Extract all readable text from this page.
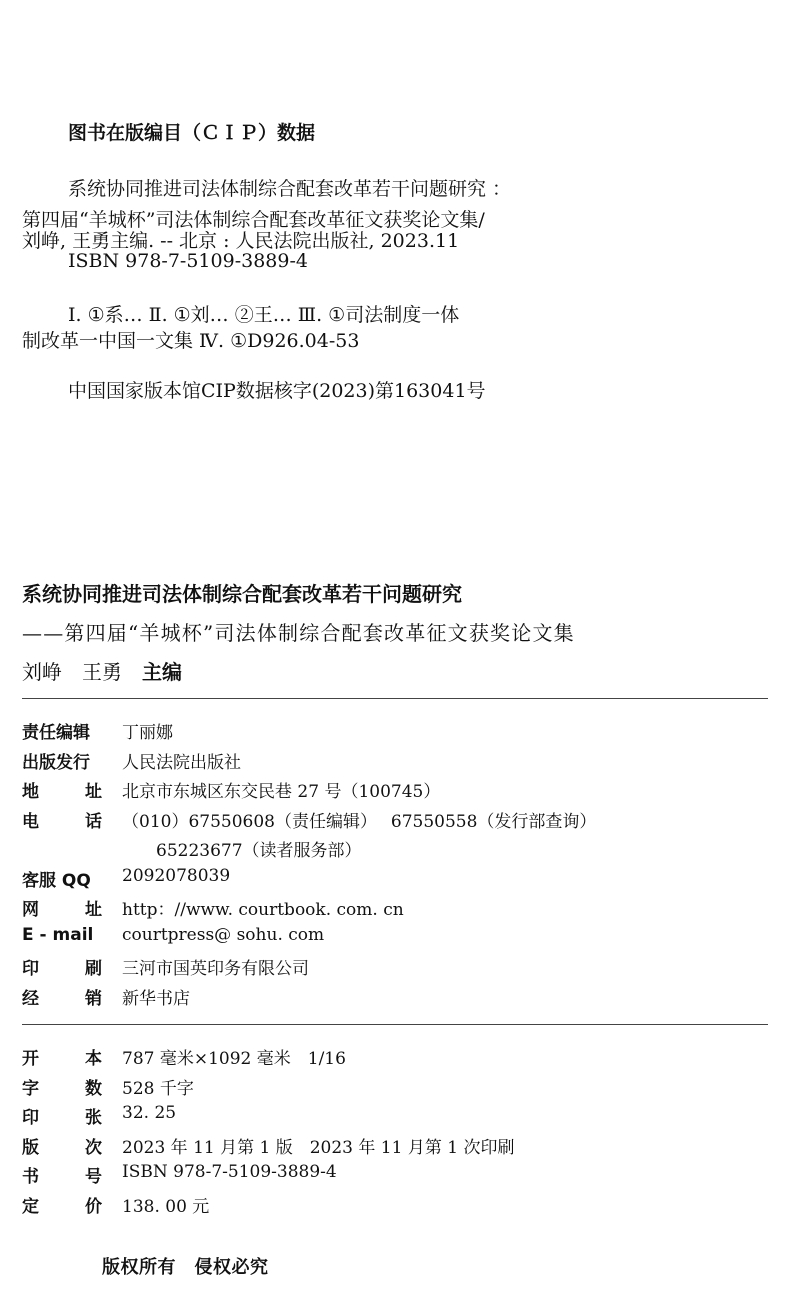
图书在版编目（ＣＩＰ）数据
系统协同推进司法体制综合配套改革若干问题研究 ：
第四届“羊城杯”司法体制综合配套改革征文获奖论文集/
刘峥, 王勇主编. -- 北京 : 人民法院出版社, 2023.11
ISBN 978-7-5109-3889-4
Ⅰ. ①系… Ⅱ. ①刘… ②王… Ⅲ. ①司法制度一体
制改革一中国一文集 Ⅳ. ①D926.04-53
中国国家版本馆CIP数据核字(2023)第163041号
系统协同推进司法体制综合配套改革若干问题研究
——第四届“羊城杯”司法体制综合配套改革征文获奖论文集
刘峥　王勇　 主编
责任编辑	丁丽娜
出版发行	人民法院出版社
地	址 北京市东城区东交民巷 27 号（100745）
电	话 （010）67550608（责任编辑）　 67550558（发行部查询）
　　65223677（读者服务部）
客服 QQ	2092078039
网	址 http：//www. courtbook. com. cn
E - mail	courtpress@ sohu. com
印	刷 三河市国英印务有限公司
经	销 新华书店
开	本 787 毫米×1092 毫米　1/16
字	数 528 千字
印	张 32. 25
版	次 2023 年 11 月第 1 版　2023 年 11 月第 1 次印刷
书	号 ISBN 978-7-5109-3889-4
定	价 138. 00 元
版权所有　侵权必究
